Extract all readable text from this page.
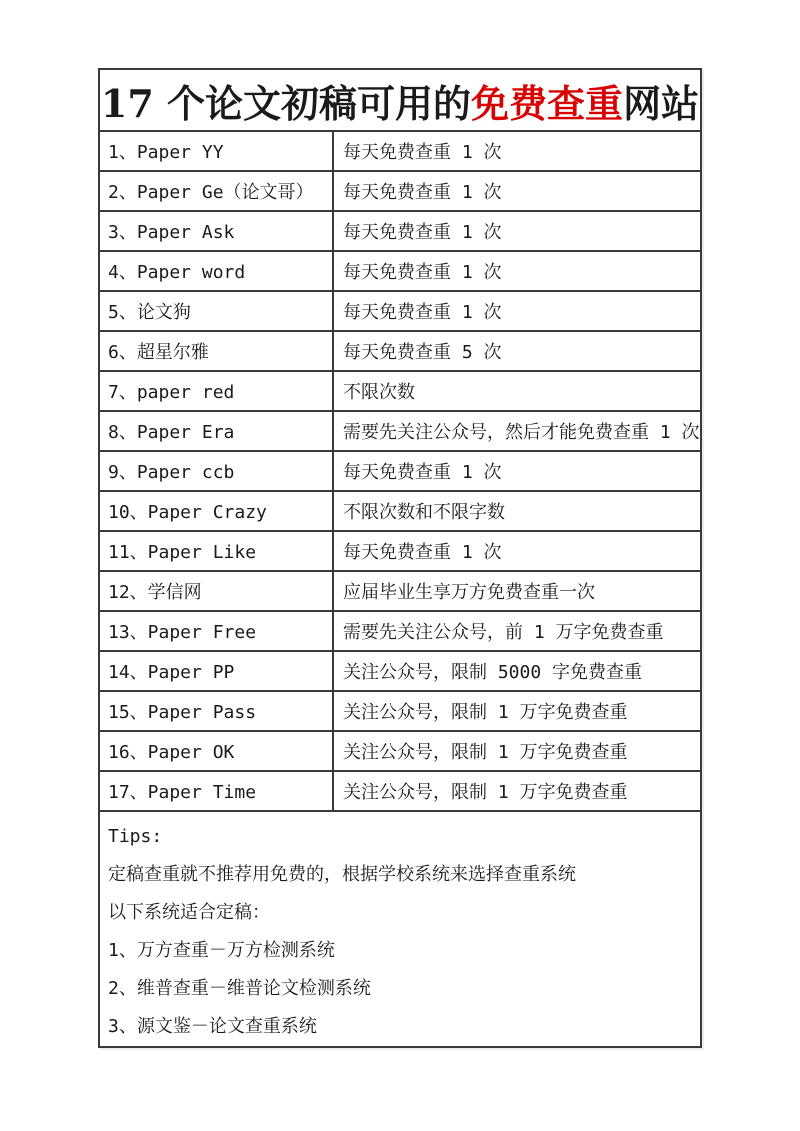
17 个论文初稿可用的 免费查重 网站
1、Paper YY	每天免费查重 1 次
2、Paper Ge（论文哥）	每天免费查重 1 次
3、Paper Ask	每天免费查重 1 次
4、Paper word	每天免费查重 1 次
5、论文狗	每天免费查重 1 次
6、超星尔雅	每天免费查重 5 次
7、paper red	不限次数
8、Paper Era	需要先关注公众号，然后才能免费查重 1 次
9、Paper ccb	每天免费查重 1 次
10、Paper Crazy	不限次数和不限字数
11、Paper Like	每天免费查重 1 次
12、学信网	应届毕业生享万方免费查重一次
13、Paper Free	需要先关注公众号，前 1 万字免费查重
14、Paper PP	关注公众号，限制 5000 字免费查重
15、Paper Pass	关注公众号，限制 1 万字免费查重
16、Paper OK	关注公众号，限制 1 万字免费查重
17、Paper Time	关注公众号，限制 1 万字免费查重
Tips:
定稿查重就不推荐用免费的，根据学校系统来选择查重系统
以下系统适合定稿：
1、万方查重－万方检测系统
2、维普查重－维普论文检测系统
3、源文鉴－论文查重系统
